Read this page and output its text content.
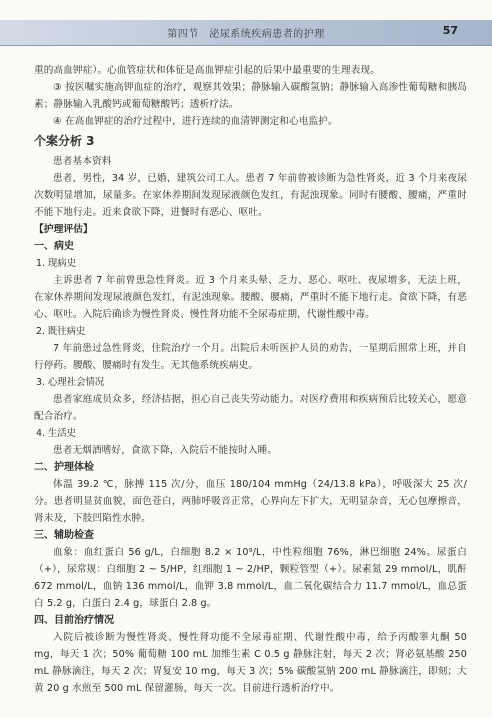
第四节　泌尿系统疾病患者的护理	57

重的高血钾症）。心血管症状和体征是高血钾症引起的后果中最重要的生理表现。

③ 按医嘱实施高钾血症的治疗，观察其效果；静脉输入碳酸氢钠；静脉输入高渗性葡萄糖和胰岛素；静脉输入乳酸钙或葡萄糖酸钙；透析疗法。

④ 在高血钾症的治疗过程中，进行连续的血清钾测定和心电监护。

个案分析 3

患者基本资料

患者，男性，34 岁，已婚，建筑公司工人。患者 7 年前曾被诊断为急性肾炎，近 3 个月来夜尿次数明显增加，尿量多。在家休养期间发现尿液颜色发红，有泥浊现象。同时有腰酸、腰痛，严重时不能下地行走。近来食欲下降，进餐时有恶心、呕吐。

【护理评估】
一、病史
1. 现病史

主诉患者 7 年前曾患急性肾炎。近 3 个月来头晕、乏力、恶心、呕吐、夜尿增多，无法上班，在家休养期间发现尿液颜色发红，有泥浊现象。腰酸、腰痛，严重时不能下地行走。食欲下降，有恶心、呕吐。入院后确诊为慢性肾炎、慢性肾功能不全尿毒症期，代谢性酸中毒。

2. 既往病史

7 年前患过急性肾炎，住院治疗一个月。出院后未听医护人员的劝告，一星期后照常上班，并自行停药。腰酸、腰痛时有发生。无其他系统疾病史。

3. 心理社会情况

患者家庭成员众多，经济拮据，担心自己丧失劳动能力。对医疗费用和疾病预后比较关心，愿意配合治疗。

4. 生活史

患者无烟酒嗜好，食欲下降，入院后不能按时入睡。

二、护理体检

体温 39.2 ℃，脉搏 115 次/分，血压 180/104 mmHg（24/13.8 kPa），呼吸深大 25 次/分。患者明显贫血貌，面色苍白，两肺呼吸音正常，心界向左下扩大，无明显杂音，无心包摩擦音，肾未及，下肢凹陷性水肿。

三、辅助检查

血象：血红蛋白 56 g/L，白细胞 8.2 × 10⁹/L，中性粒细胞 76%，淋巴细胞 24%。尿蛋白（+），尿常规：白细胞 2 ~ 5/HP，红细胞 1 ~ 2/HP，颗粒管型（+）。尿素氮 29 mmol/L，肌酐 672 mmol/L，血钠 136 mmol/L，血钾 3.8 mmol/L，血二氧化碳结合力 11.7 mmol/L，血总蛋白 5.2 g，白蛋白 2.4 g，球蛋白 2.8 g。

四、目前治疗情况

入院后被诊断为慢性肾炎、慢性肾功能不全尿毒症期、代谢性酸中毒，给予丙酸睾丸酮 50 mg，每天 1 次；50% 葡萄糖 100 mL 加维生素 C 0.5 g 静脉注射，每天 2 次；肾必氨基酸 250 mL 静脉滴注，每天 2 次；胃复安 10 mg，每天 3 次；5% 碳酸氢钠 200 mL 静脉滴注，即刻；大黄 20 g 水煎至 500 mL 保留灌肠，每天一次。目前进行透析治疗中。
